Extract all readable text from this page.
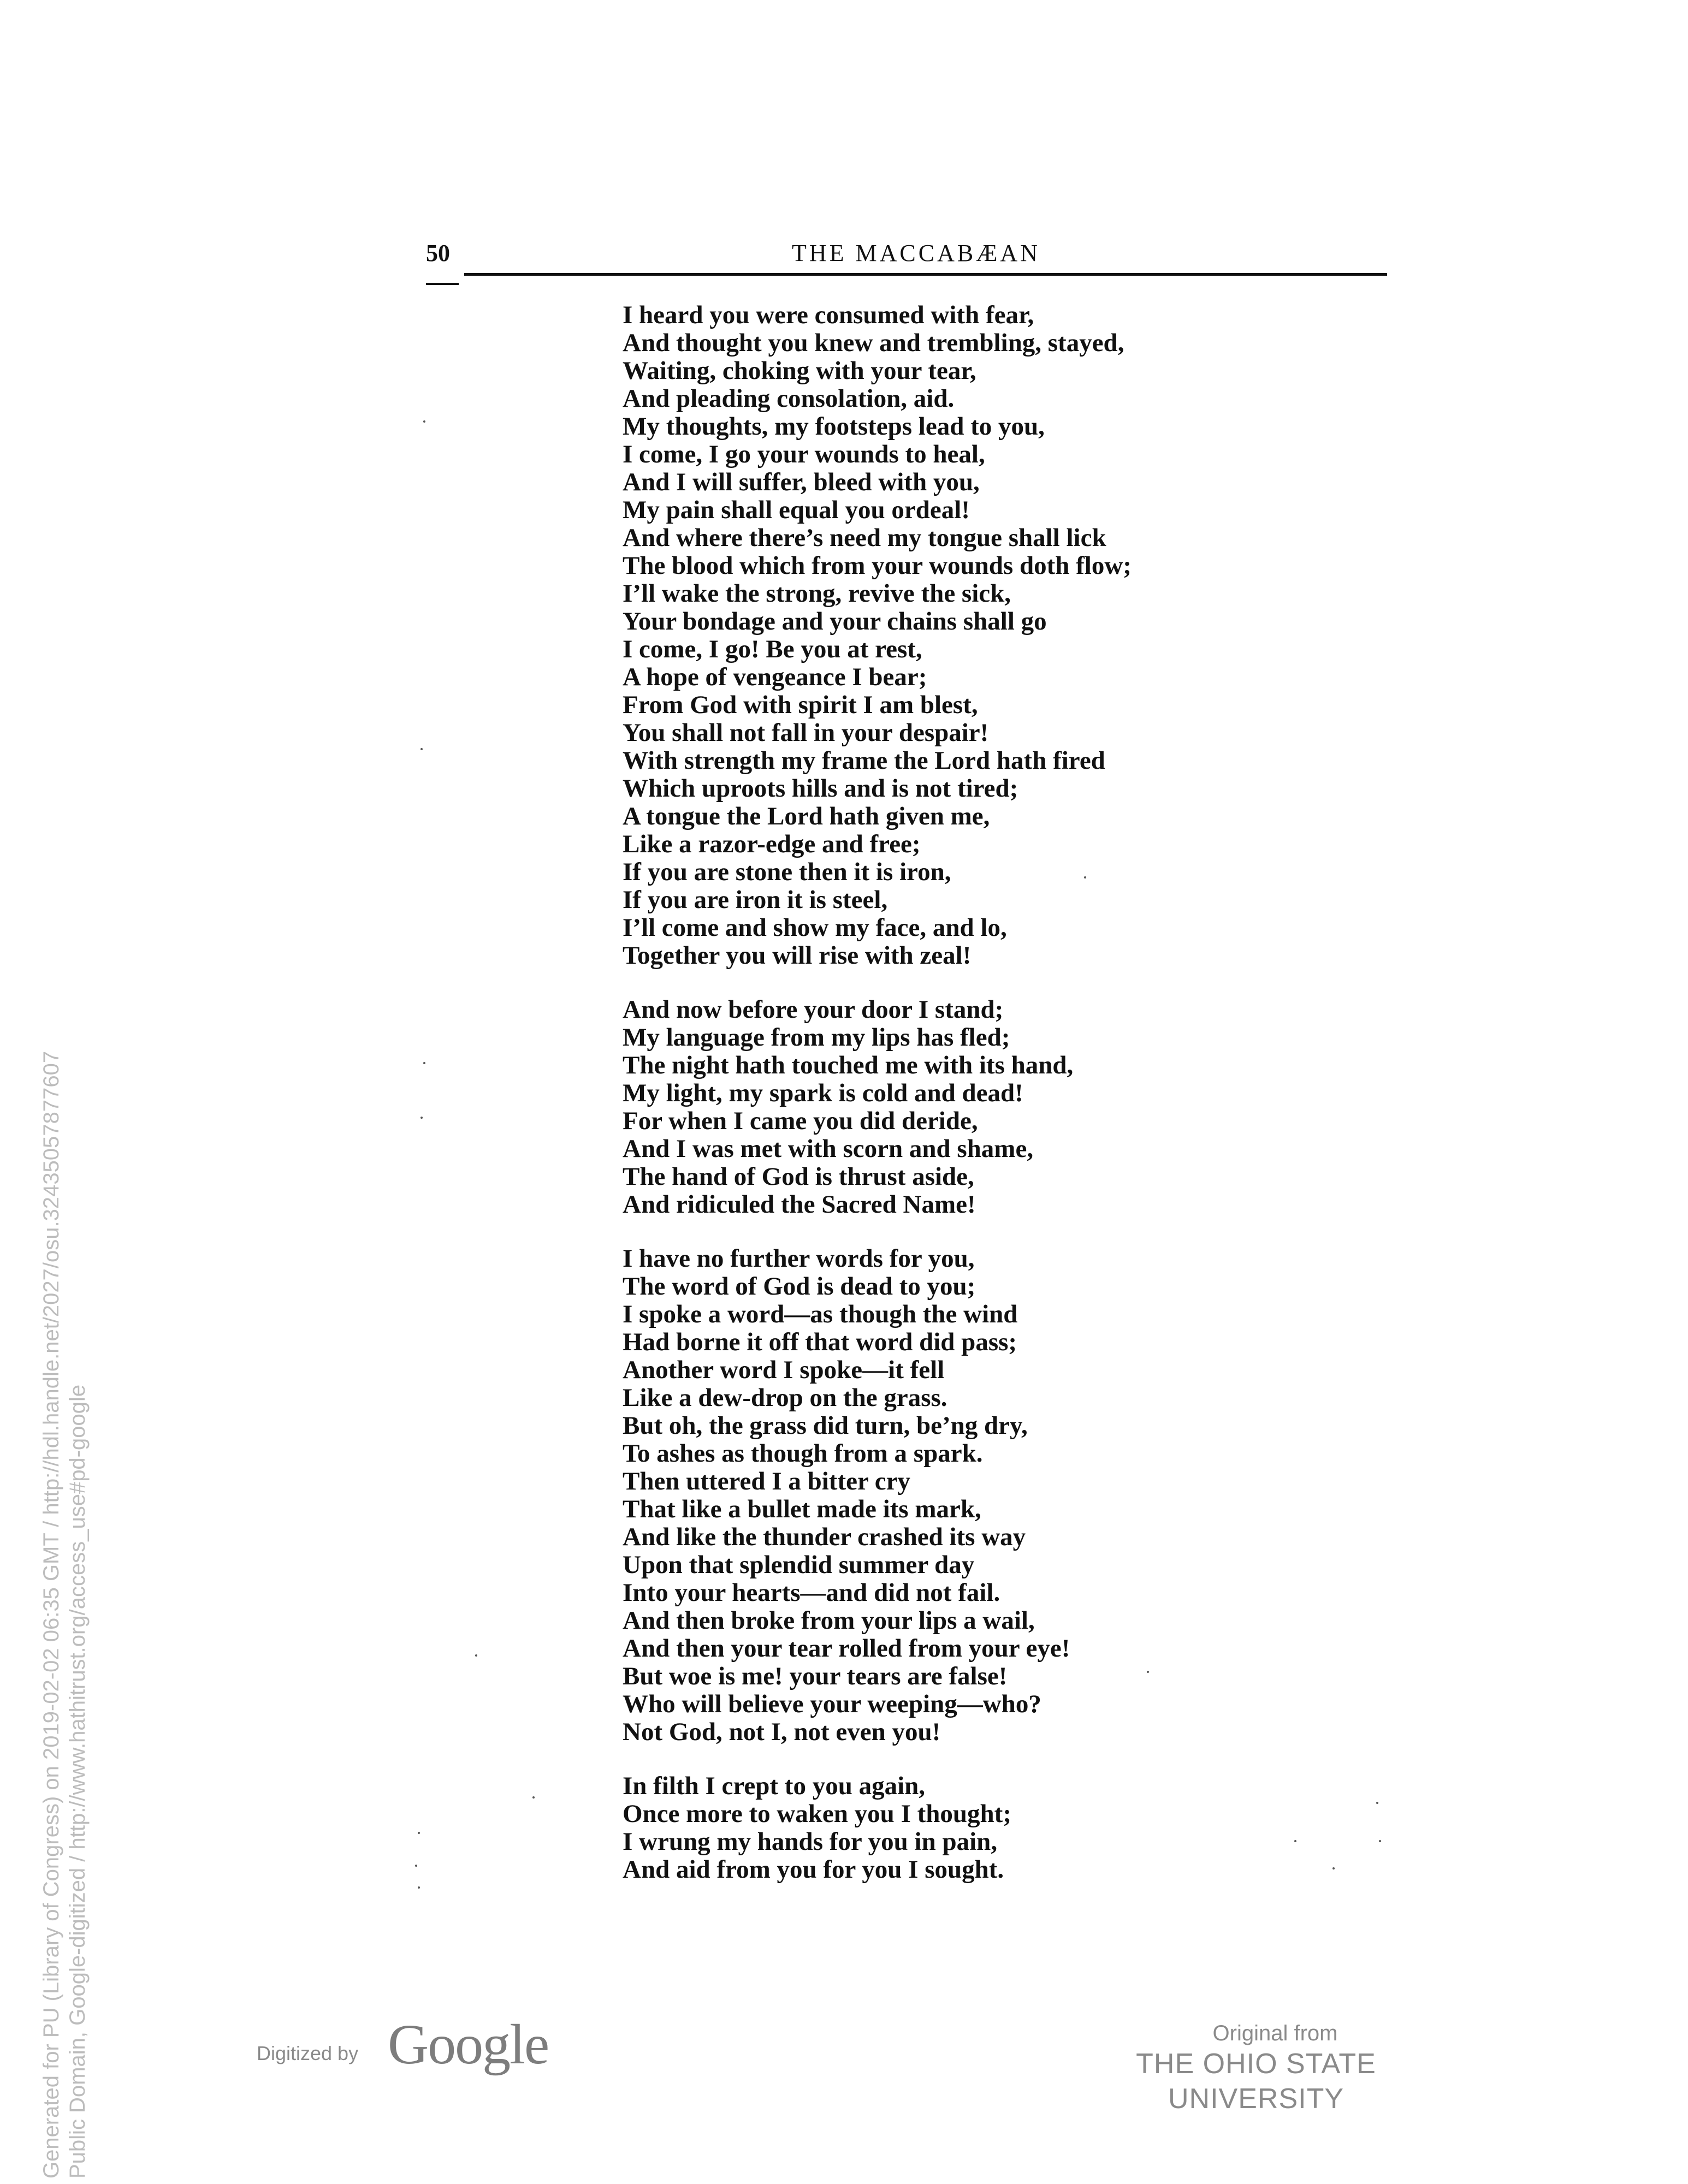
50	THE MACCABÆAN
I heard you were consumed with fear,
And thought you knew and trembling, stayed,
Waiting, choking with your tear,
And pleading consolation, aid.
My thoughts, my footsteps lead to you,
I come, I go your wounds to heal,
And I will suffer, bleed with you,
My pain shall equal you ordeal!
And where there’s need my tongue shall lick
The blood which from your wounds doth flow;
I’ll wake the strong, revive the sick,
Your bondage and your chains shall go
I come, I go! Be you at rest,
A hope of vengeance I bear;
From God with spirit I am blest,
You shall not fall in your despair!
With strength my frame the Lord hath fired
Which uproots hills and is not tired;
A tongue the Lord hath given me,
Like a razor-edge and free;
If you are stone then it is iron,
If you are iron it is steel,
I’ll come and show my face, and lo,
Together you will rise with zeal!
And now before your door I stand;
My language from my lips has fled;
The night hath touched me with its hand,
My light, my spark is cold and dead!
For when I came you did deride,
And I was met with scorn and shame,
The hand of God is thrust aside,
And ridiculed the Sacred Name!
I have no further words for you,
The word of God is dead to you;
I spoke a word—as though the wind
Had borne it off that word did pass;
Another word I spoke—it fell
Like a dew-drop on the grass.
But oh, the grass did turn, be’ng dry,
To ashes as though from a spark.
Then uttered I a bitter cry
That like a bullet made its mark,
And like the thunder crashed its way
Upon that splendid summer day
Into your hearts—and did not fail.
And then broke from your lips a wail,
And then your tear rolled from your eye!
But woe is me! your tears are false!
Who will believe your weeping—who?
Not God, not I, not even you!
In filth I crept to you again,
Once more to waken you I thought;
I wrung my hands for you in pain,
And aid from you for you I sought.
Generated for PU (Library of Congress) on 2019-02-02 06:35 GMT / http://hdl.handle.net/2027/osu.32435057877607 Public Domain, Google-digitized / http://www.hathitrust.org/access_use#pd-google	Digitized by Google	Original from
THE OHIO STATE UNIVERSITY
